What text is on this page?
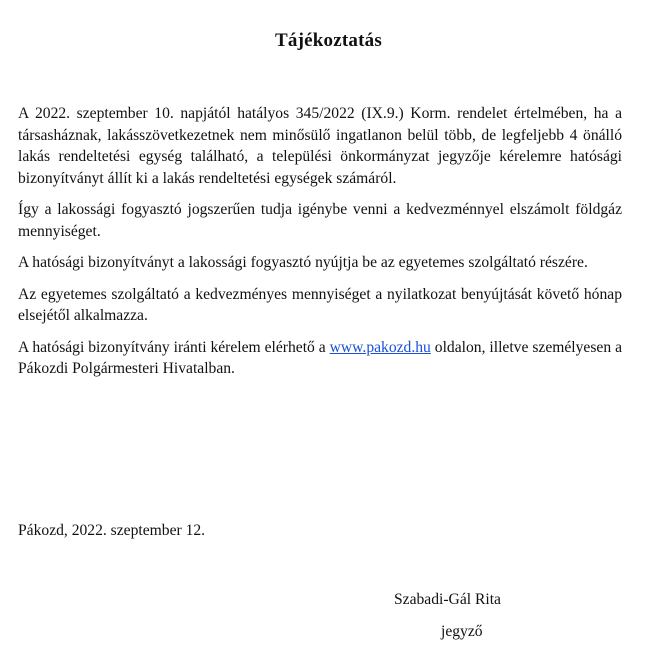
Tájékoztatás

A 2022. szeptember 10. napjától hatályos 345/2022 (IX.9.) Korm. rendelet értelmében, ha a társasháznak, lakásszövetkezetnek nem minősülő ingatlanon belül több, de legfeljebb 4 önálló lakás rendeltetési egység található, a települési önkormányzat jegyzője kérelemre hatósági bizonyítványt állít ki a lakás rendeltetési egységek számáról.

Így a lakossági fogyasztó jogszerűen tudja igénybe venni a kedvezménnyel elszámolt földgáz mennyiséget.

A hatósági bizonyítványt a lakossági fogyasztó nyújtja be az egyetemes szolgáltató részére.

Az egyetemes szolgáltató a kedvezményes mennyiséget a nyilatkozat benyújtását követő hónap elsejétől alkalmazza.

A hatósági bizonyítvány iránti kérelem elérhető a www.pakozd.hu oldalon, illetve személyesen a Pákozdi Polgármesteri Hivatalban.

Pákozd, 2022. szeptember 12.
Szabadi-Gál Rita
jegyző
